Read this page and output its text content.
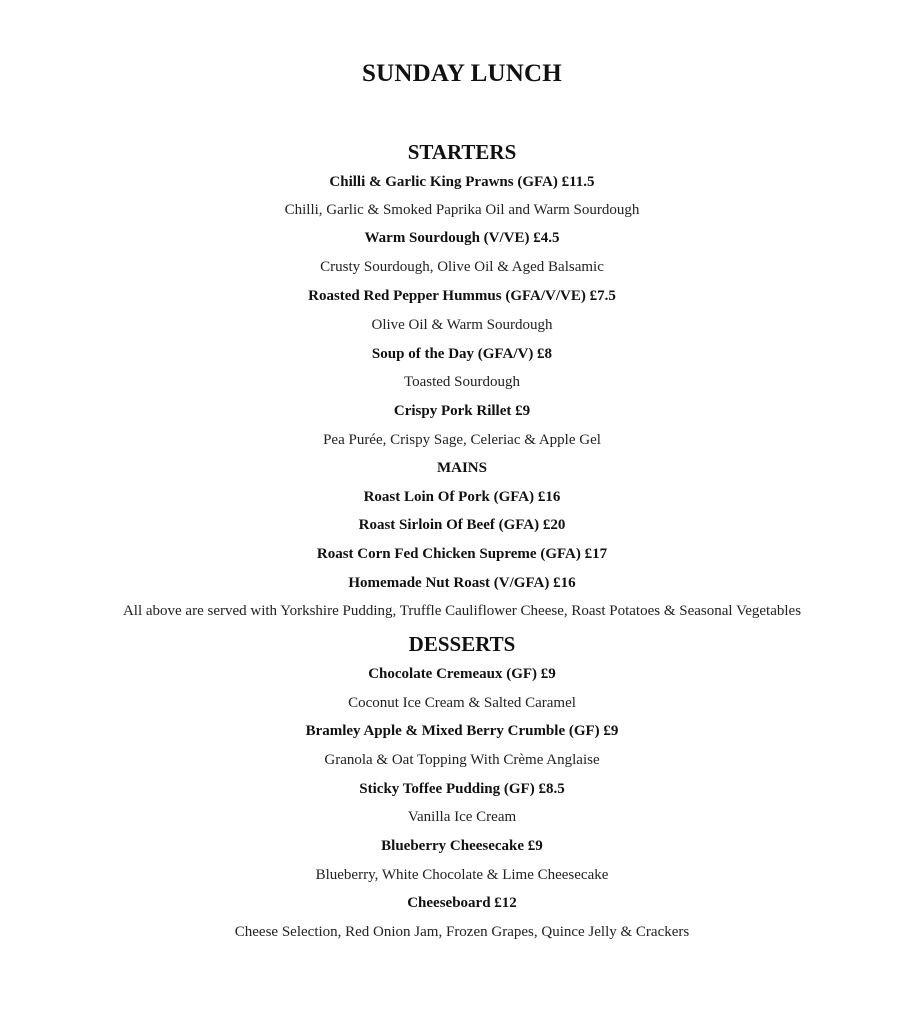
SUNDAY LUNCH
STARTERS
Chilli & Garlic King Prawns (GFA) £11.5
Chilli, Garlic & Smoked Paprika Oil and Warm Sourdough
Warm Sourdough (V/VE) £4.5
Crusty Sourdough, Olive Oil & Aged Balsamic
Roasted Red Pepper Hummus (GFA/V/VE) £7.5
Olive Oil & Warm Sourdough
Soup of the Day (GFA/V) £8
Toasted Sourdough
Crispy Pork Rillet £9
Pea Purée, Crispy Sage, Celeriac & Apple Gel
MAINS
Roast Loin Of Pork (GFA) £16
Roast Sirloin Of Beef (GFA) £20
Roast Corn Fed Chicken Supreme (GFA) £17
Homemade Nut Roast (V/GFA) £16
All above are served with Yorkshire Pudding, Truffle Cauliflower Cheese, Roast Potatoes & Seasonal Vegetables
DESSERTS
Chocolate Cremeaux (GF) £9
Coconut Ice Cream & Salted Caramel
Bramley Apple & Mixed Berry Crumble (GF) £9
Granola & Oat Topping With Crème Anglaise
Sticky Toffee Pudding (GF) £8.5
Vanilla Ice Cream
Blueberry Cheesecake £9
Blueberry, White Chocolate & Lime Cheesecake
Cheeseboard £12
Cheese Selection, Red Onion Jam, Frozen Grapes, Quince Jelly & Crackers
